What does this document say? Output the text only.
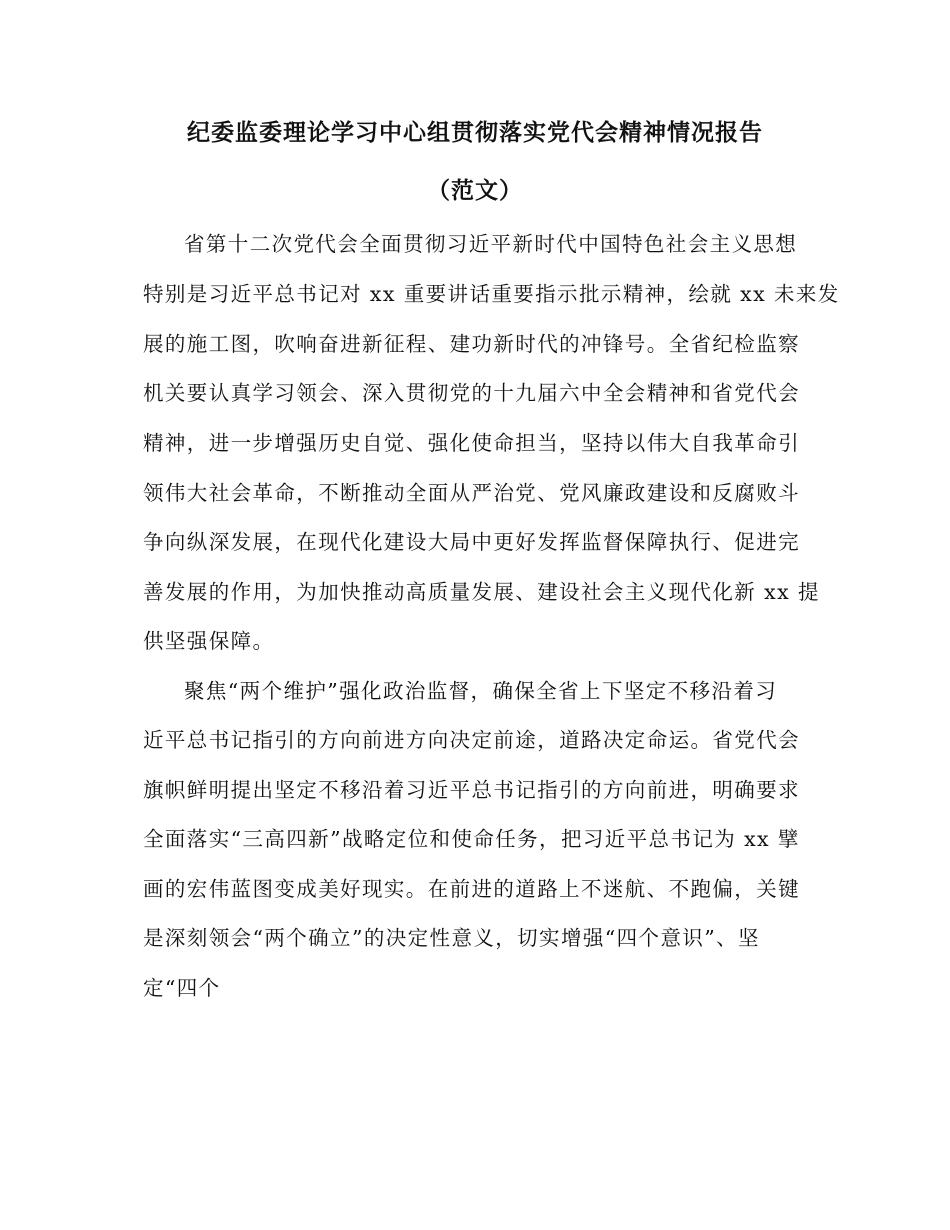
纪委监委理论学习中心组贯彻落实党代会精神情况报告
（范文）
省第十二次党代会全面贯彻习近平新时代中国特色社会主义思想
特别是习近平总书记对 xx 重要讲话重要指示批示精神，绘就 xx 未来发
展的施工图，吹响奋进新征程、建功新时代的冲锋号。全省纪检监察
机关要认真学习领会、深入贯彻党的十九届六中全会精神和省党代会
精神，进一步增强历史自觉、强化使命担当，坚持以伟大自我革命引
领伟大社会革命，不断推动全面从严治党、党风廉政建设和反腐败斗
争向纵深发展，在现代化建设大局中更好发挥监督保障执行、促进完
善发展的作用，为加快推动高质量发展、建设社会主义现代化新 xx 提
供坚强保障。
聚焦“两个维护”强化政治监督，确保全省上下坚定不移沿着习
近平总书记指引的方向前进方向决定前途，道路决定命运。省党代会
旗帜鲜明提出坚定不移沿着习近平总书记指引的方向前进，明确要求
全面落实“三高四新”战略定位和使命任务，把习近平总书记为 xx 擘
画的宏伟蓝图变成美好现实。在前进的道路上不迷航、不跑偏，关键
是深刻领会“两个确立”的决定性意义，切实增强“四个意识”、坚
定“四个
